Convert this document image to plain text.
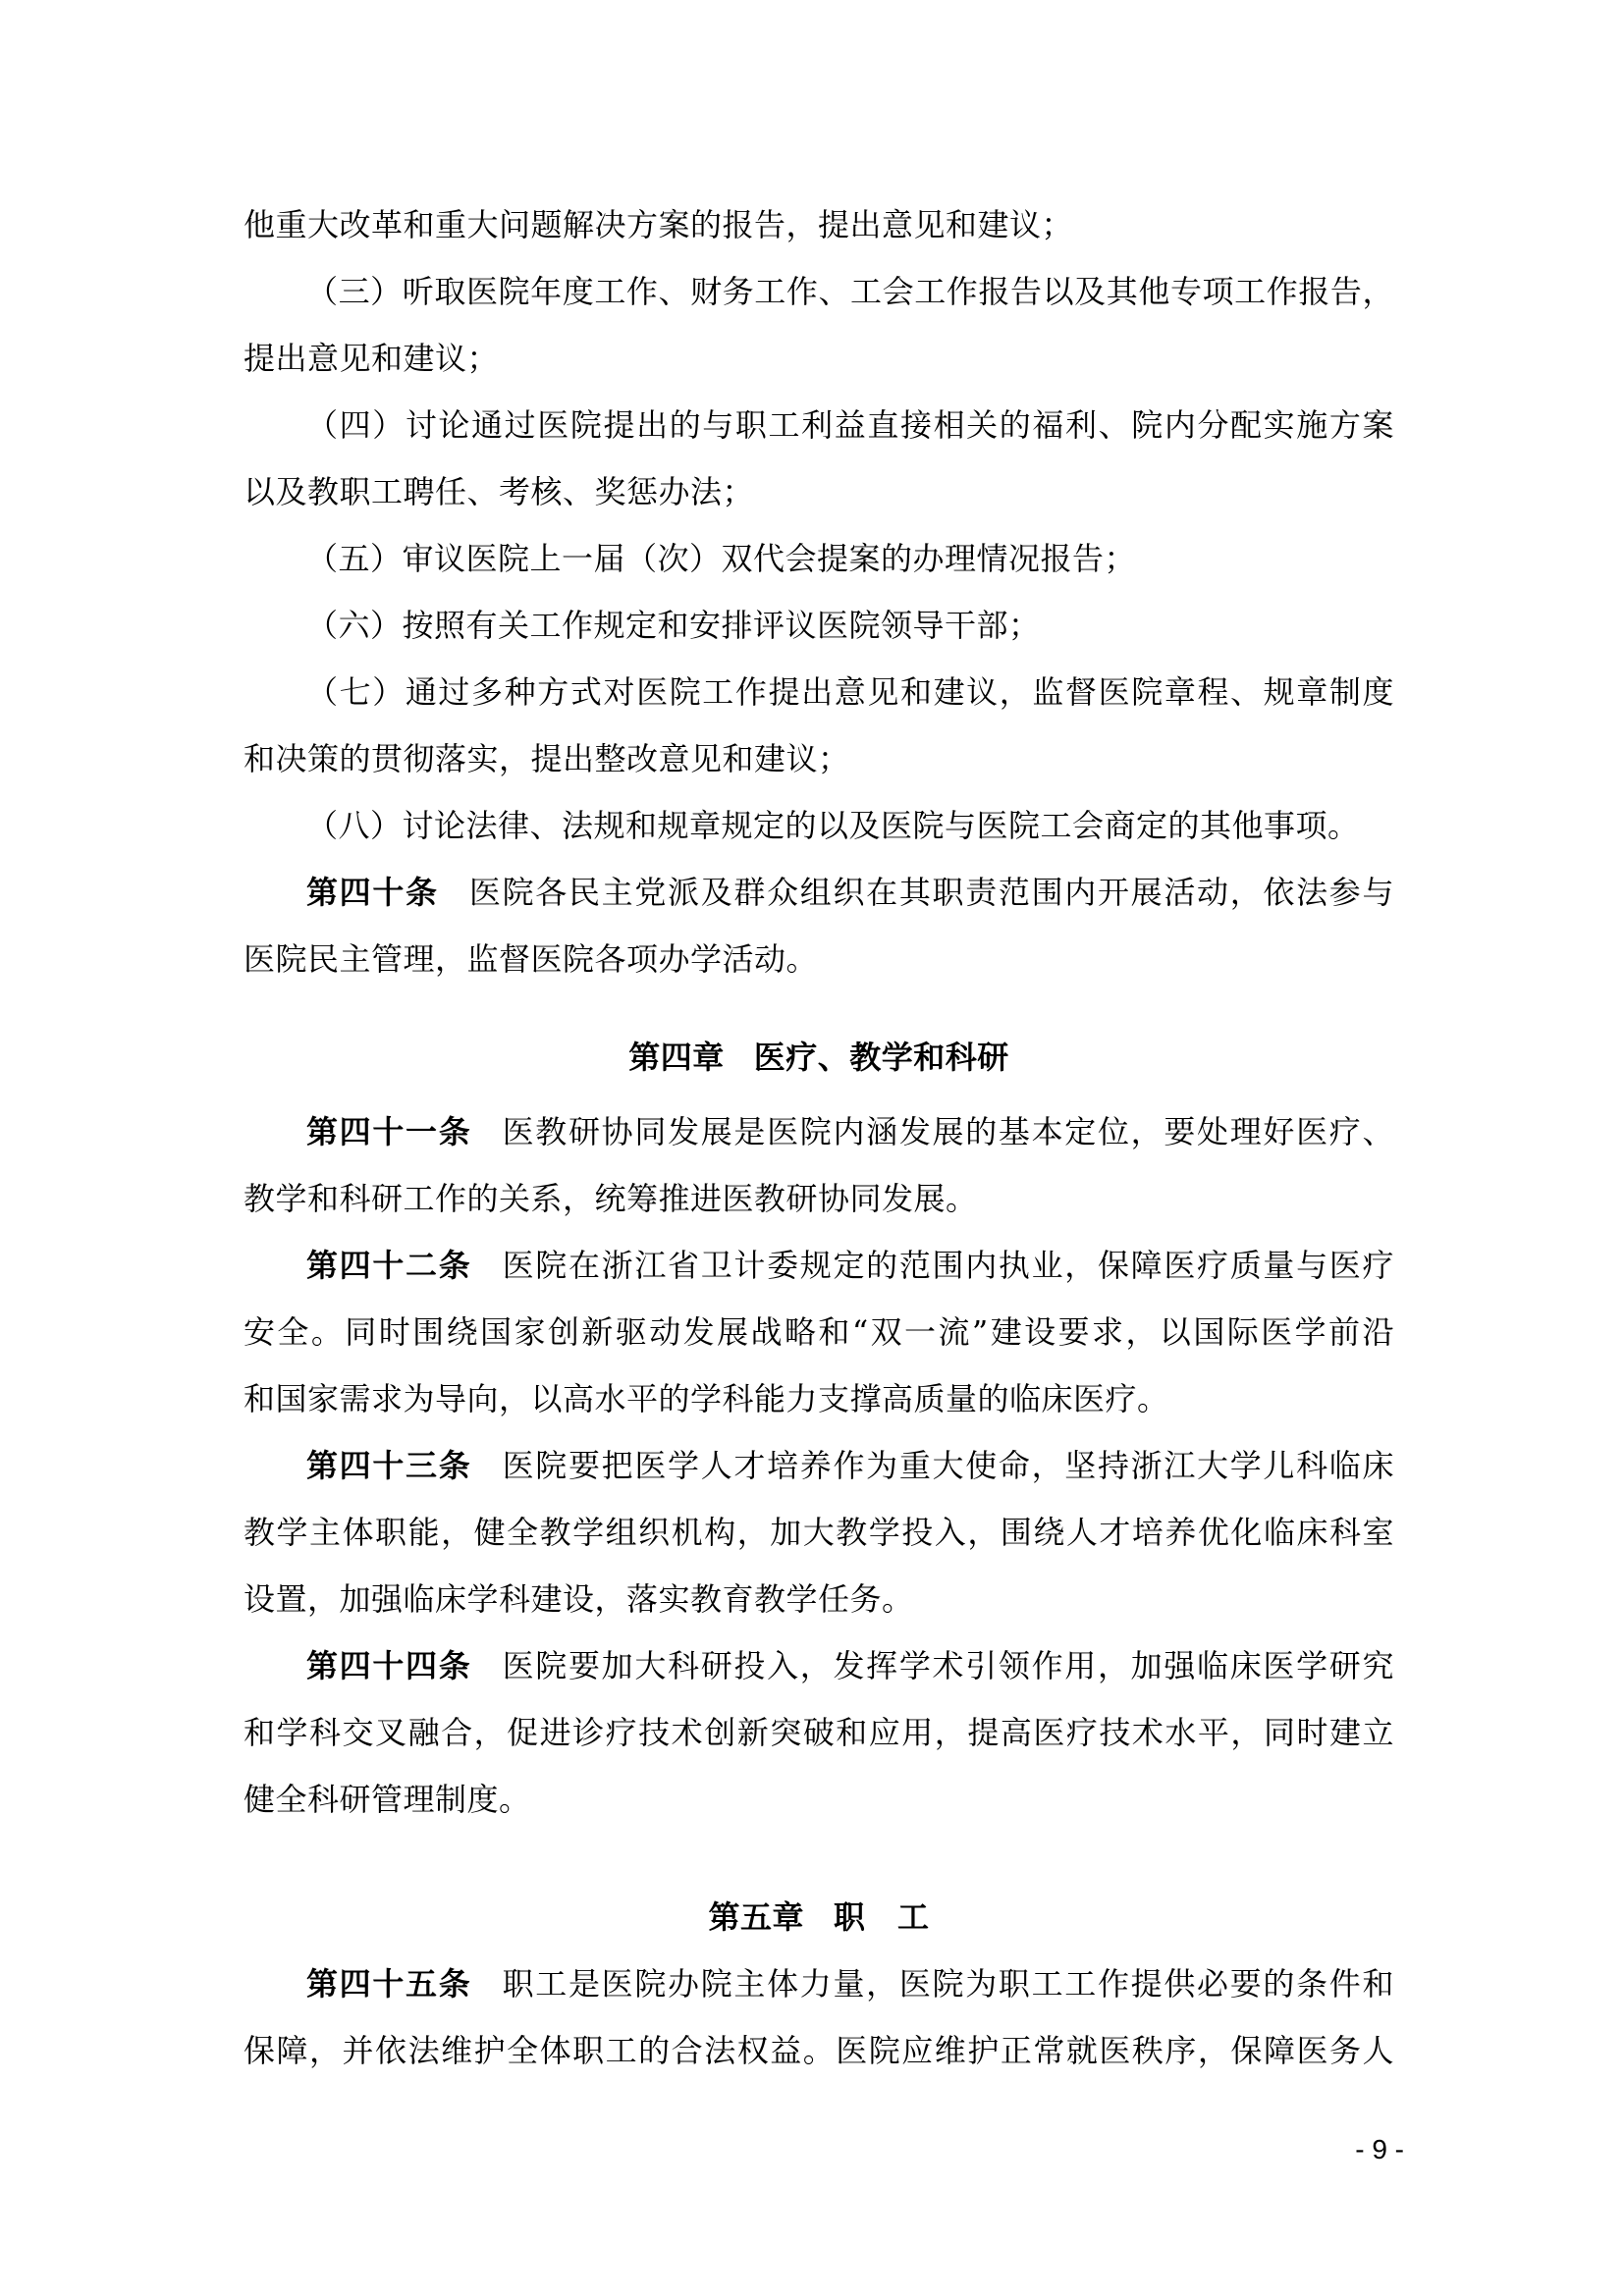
他重大改革和重大问题解决方案的报告，提出意见和建议；
（三）听取医院年度工作、财务工作、工会工作报告以及其他专项工作报告，
提出意见和建议；
（四）讨论通过医院提出的与职工利益直接相关的福利、院内分配实施方案
以及教职工聘任、考核、奖惩办法；
（五）审议医院上一届（次）双代会提案的办理情况报告；
（六）按照有关工作规定和安排评议医院领导干部；
（七）通过多种方式对医院工作提出意见和建议，监督医院章程、规章制度
和决策的贯彻落实，提出整改意见和建议；
（八）讨论法律、法规和规章规定的以及医院与医院工会商定的其他事项。
第四十条 医院各民主党派及群众组织在其职责范围内开展活动，依法参与
医院民主管理，监督医院各项办学活动。
第四章 医疗、教学和科研
第四十一条 医教研协同发展是医院内涵发展的基本定位，要处理好医疗、
教学和科研工作的关系，统筹推进医教研协同发展。
第四十二条 医院在浙江省卫计委规定的范围内执业，保障医疗质量与医疗
安全。同时围绕国家创新驱动发展战略和“双一流”建设要求，以国际医学前沿
和国家需求为导向，以高水平的学科能力支撑高质量的临床医疗。
第四十三条 医院要把医学人才培养作为重大使命，坚持浙江大学儿科临床
教学主体职能，健全教学组织机构，加大教学投入，围绕人才培养优化临床科室
设置，加强临床学科建设，落实教育教学任务。
第四十四条 医院要加大科研投入，发挥学术引领作用，加强临床医学研究
和学科交叉融合，促进诊疗技术创新突破和应用，提高医疗技术水平，同时建立
健全科研管理制度。
第五章 职　工
第四十五条 职工是医院办院主体力量，医院为职工工作提供必要的条件和
保障，并依法维护全体职工的合法权益。医院应维护正常就医秩序，保障医务人
- 9 -
